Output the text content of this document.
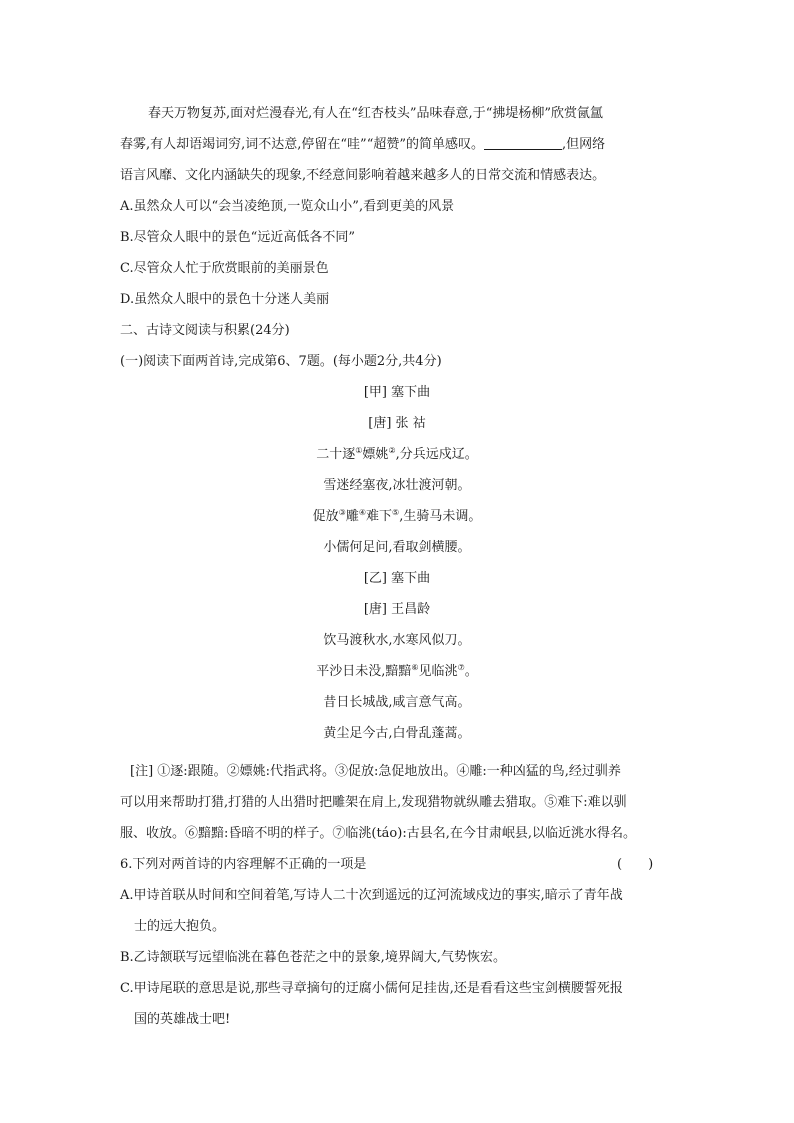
春天万物复苏,面对烂漫春光,有人在“红杏枝头”品味春意,于“拂堤杨柳”欣赏氤氲
春雾,有人却语竭词穷,词不达意,停留在“哇”“超赞”的简单感叹。	,但网络
语言风靡、文化内涵缺失的现象,不经意间影响着越来越多人的日常交流和情感表达。
A.虽然众人可以“会当凌绝顶,一览众山小”,看到更美的风景
B.尽管众人眼中的景色“远近高低各不同”
C.尽管众人忙于欣赏眼前的美丽景色
D.虽然众人眼中的景色十分迷人美丽
二、古诗文阅读与积累(24分)
(一)阅读下面两首诗,完成第6、7题。(每小题2分,共4分)
[甲] 塞下曲
[唐] 张 祜
二十逐①嫖姚②,分兵远戍辽。
雪迷经塞夜,冰壮渡河朝。
促放③雕④难下⑤,生骑马未调。
小儒何足问,看取剑横腰。
[乙] 塞下曲
[唐] 王昌龄
饮马渡秋水,水寒风似刀。
平沙日未没,黯黯⑥见临洮⑦。
昔日长城战,咸言意气高。
黄尘足今古,白骨乱蓬蒿。
[注] ①逐:跟随。②嫖姚:代指武将。③促放:急促地放出。④雕:一种凶猛的鸟,经过驯养
可以用来帮助打猎,打猎的人出猎时把雕架在肩上,发现猎物就纵雕去猎取。⑤难下:难以驯
服、收放。⑥黯黯:昏暗不明的样子。⑦临洮(táo):古县名,在今甘肃岷县,以临近洮水得名。
6.下列对两首诗的内容理解不正确的一项是	(　　)
A.甲诗首联从时间和空间着笔,写诗人二十次到遥远的辽河流域戍边的事实,暗示了青年战
士的远大抱负。
B.乙诗颔联写远望临洮在暮色苍茫之中的景象,境界阔大,气势恢宏。
C.甲诗尾联的意思是说,那些寻章摘句的迂腐小儒何足挂齿,还是看看这些宝剑横腰誓死报
国的英雄战士吧!
